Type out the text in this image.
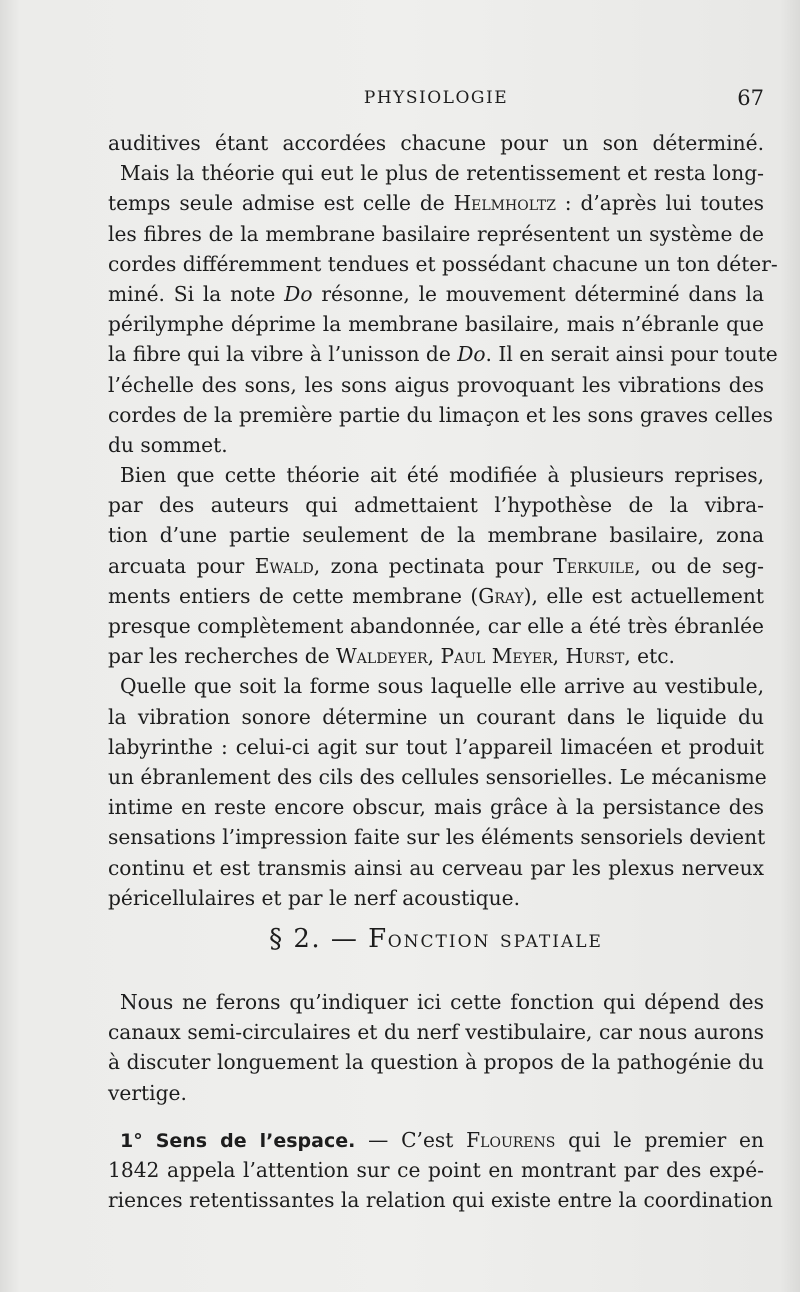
PHYSIOLOGIE	67
auditives étant accordées chacune pour un son déterminé.
Mais la théorie qui eut le plus de retentissement et resta long-
temps seule admise est celle de Helmholtz : d’après lui toutes
les fibres de la membrane basilaire représentent un système de
cordes différemment tendues et possédant chacune un ton déter-
miné. Si la note Do résonne, le mouvement déterminé dans la
périlymphe déprime la membrane basilaire, mais n’ébranle que
la fibre qui la vibre à l’unisson de Do. Il en serait ainsi pour toute
l’échelle des sons, les sons aigus provoquant les vibrations des
cordes de la première partie du limaçon et les sons graves celles
du sommet.
Bien que cette théorie ait été modifiée à plusieurs reprises,
par des auteurs qui admettaient l’hypothèse de la vibra-
tion d’une partie seulement de la membrane basilaire, zona
arcuata pour Ewald, zona pectinata pour Terkuile, ou de seg-
ments entiers de cette membrane (Gray), elle est actuellement
presque complètement abandonnée, car elle a été très ébranlée
par les recherches de Waldeyer, Paul Meyer, Hurst, etc.
Quelle que soit la forme sous laquelle elle arrive au vestibule,
la vibration sonore détermine un courant dans le liquide du
labyrinthe : celui-ci agit sur tout l’appareil limacéen et produit
un ébranlement des cils des cellules sensorielles. Le mécanisme
intime en reste encore obscur, mais grâce à la persistance des
sensations l’impression faite sur les éléments sensoriels devient
continu et est transmis ainsi au cerveau par les plexus nerveux
péricellulaires et par le nerf acoustique.
§ 2. — Fonction spatiale
Nous ne ferons qu’indiquer ici cette fonction qui dépend des
canaux semi-circulaires et du nerf vestibulaire, car nous aurons
à discuter longuement la question à propos de la pathogénie du
vertige.
1° Sens de l’espace. — C’est Flourens qui le premier en
1842 appela l’attention sur ce point en montrant par des expé-
riences retentissantes la relation qui existe entre la coordination
